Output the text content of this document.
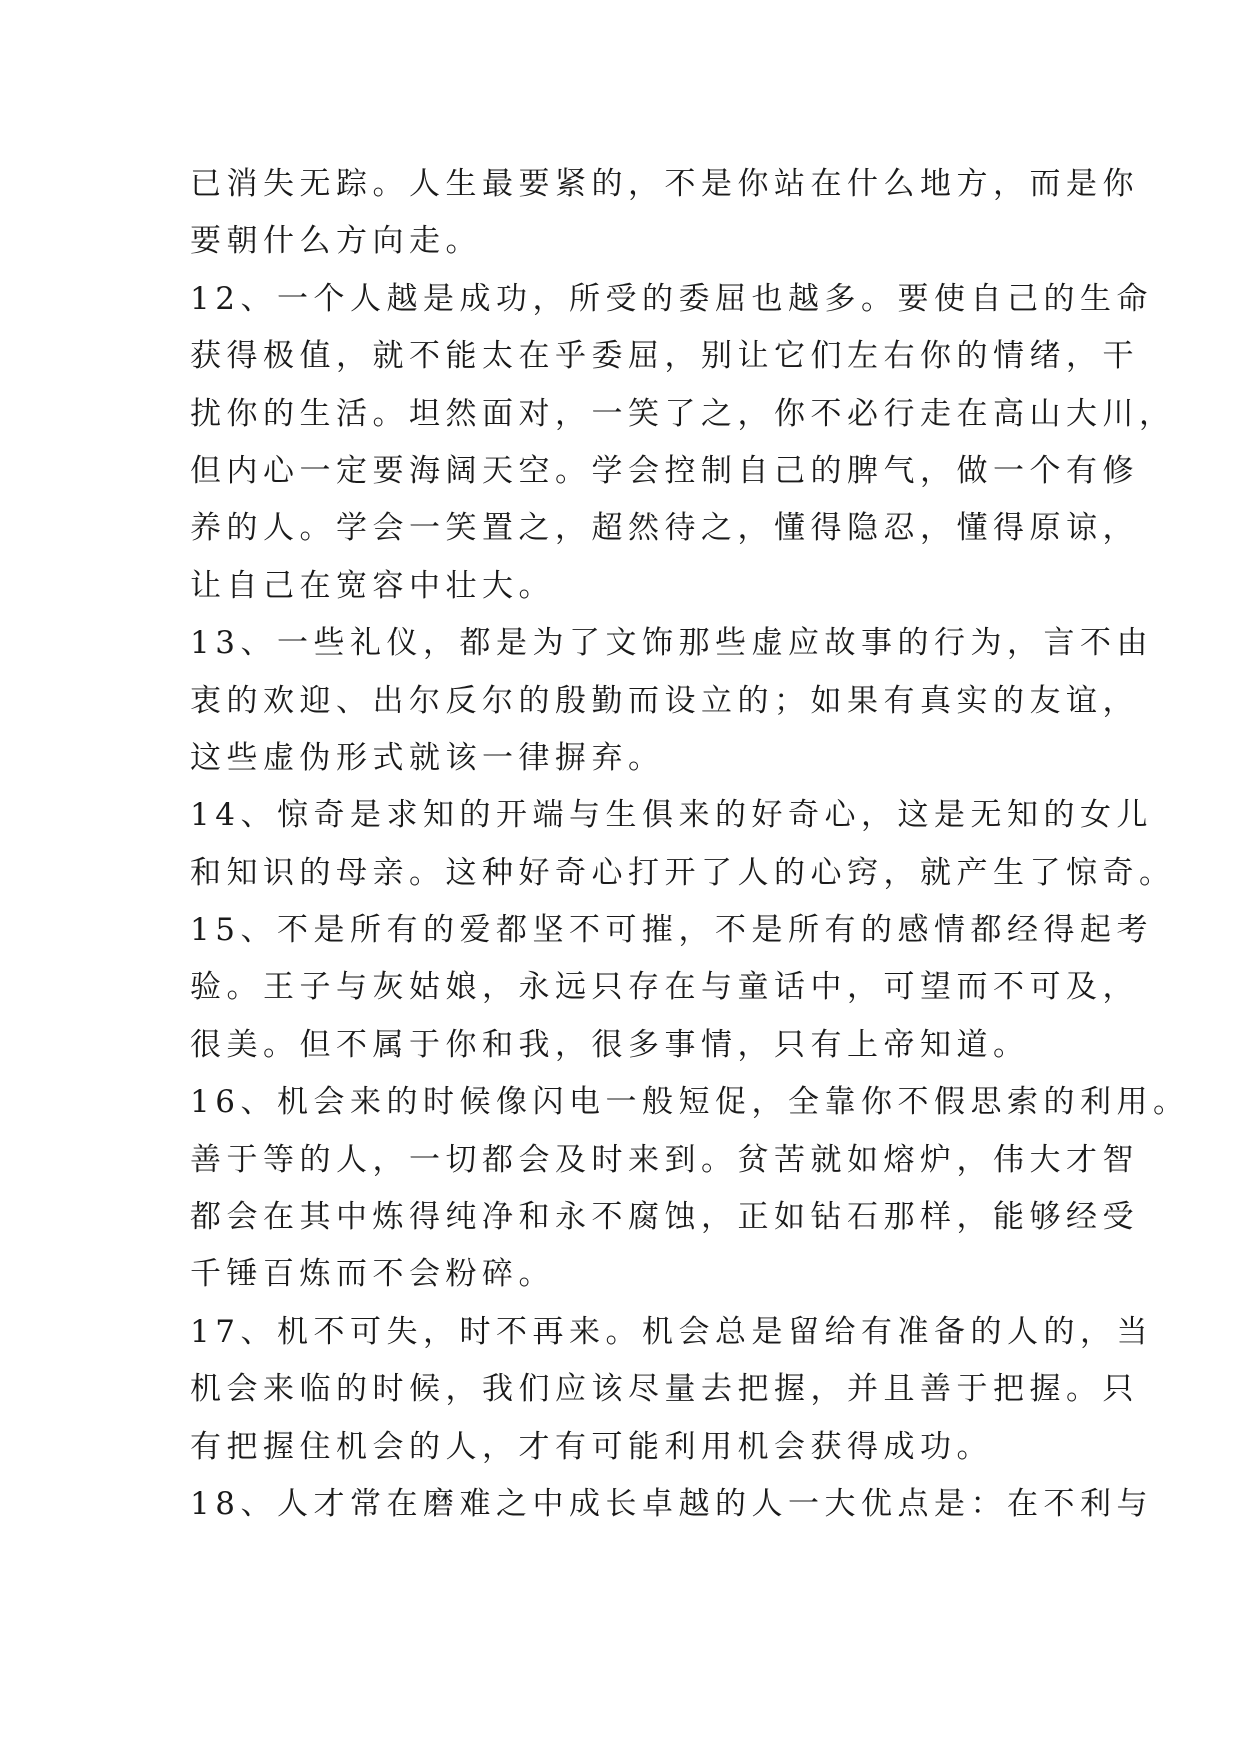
已消失无踪。人生最要紧的，不是你站在什么地方，而是你
要朝什么方向走。
12、一个人越是成功，所受的委屈也越多。要使自己的生命
获得极值，就不能太在乎委屈，别让它们左右你的情绪，干
扰你的生活。坦然面对，一笑了之，你不必行走在高山大川，
但内心一定要海阔天空。学会控制自己的脾气，做一个有修
养的人。学会一笑置之，超然待之，懂得隐忍，懂得原谅，
让自己在宽容中壮大。
13、一些礼仪，都是为了文饰那些虚应故事的行为，言不由
衷的欢迎、出尔反尔的殷勤而设立的；如果有真实的友谊，
这些虚伪形式就该一律摒弃。
14、惊奇是求知的开端与生俱来的好奇心，这是无知的女儿
和知识的母亲。这种好奇心打开了人的心窍，就产生了惊奇。
15、不是所有的爱都坚不可摧，不是所有的感情都经得起考
验。王子与灰姑娘，永远只存在与童话中，可望而不可及，
很美。但不属于你和我，很多事情，只有上帝知道。
16、机会来的时候像闪电一般短促，全靠你不假思索的利用。
善于等的人，一切都会及时来到。贫苦就如熔炉，伟大才智
都会在其中炼得纯净和永不腐蚀，正如钻石那样，能够经受
千锤百炼而不会粉碎。
17、机不可失，时不再来。机会总是留给有准备的人的，当
机会来临的时候，我们应该尽量去把握，并且善于把握。只
有把握住机会的人，才有可能利用机会获得成功。
18、人才常在磨难之中成长卓越的人一大优点是：在不利与
